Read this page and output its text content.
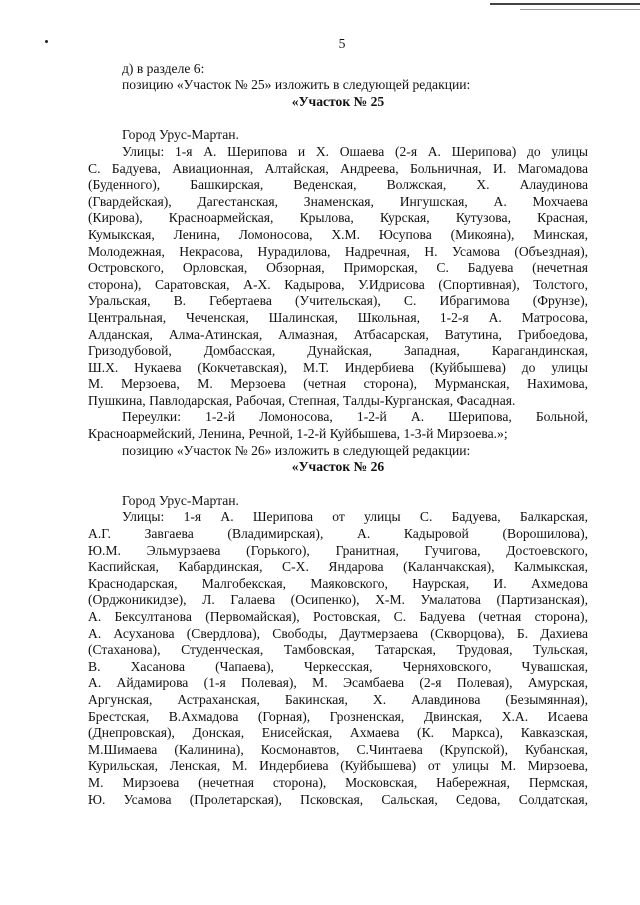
5

д) в разделе 6:

позицию «Участок № 25» изложить в следующей редакции:

«Участок № 25

Город Урус-Мартан.

Улицы: 1-я А. Шерипова и Х. Ошаева (2-я А. Шерипова) до улицы

С. Бадуева, Авиационная, Алтайская, Андреева, Больничная, И. Магомадова

(Буденного), Башкирская, Веденская, Волжская, Х. Алаудинова

(Гвардейская), Дагестанская, Знаменская, Ингушская, А. Мохчаева

(Кирова), Красноармейская, Крылова, Курская, Кутузова, Красная,

Кумыкская, Ленина, Ломоносова, Х.М. Юсупова (Микояна), Минская,

Молодежная, Некрасова, Нурадилова, Надречная, Н. Усамова (Объездная),

Островского, Орловская, Обзорная, Приморская, С. Бадуева (нечетная

сторона), Саратовская, А-Х. Кадырова, У.Идрисова (Спортивная), Толстого,

Уральская, В. Гебертаева (Учительская), С. Ибрагимова (Фрунзе),

Центральная, Чеченская, Шалинская, Школьная, 1-2-я А. Матросова,

Алданская, Алма-Атинская, Алмазная, Атбасарская, Ватутина, Грибоедова,

Гризодубовой, Домбасская, Дунайская, Западная, Карагандинская,

Ш.Х. Нукаева (Кокчетавская), М.Т. Индербиева (Куйбышева) до улицы

М. Мерзоева, М. Мерзоева (четная сторона), Мурманская, Нахимова,

Пушкина, Павлодарская, Рабочая, Степная, Талды-Курганская, Фасадная.

Переулки: 1-2-й Ломоносова, 1-2-й А. Шерипова, Больной,

Красноармейский, Ленина, Речной, 1-2-й Куйбышева, 1-3-й Мирзоева.»;

позицию «Участок № 26» изложить в следующей редакции:

«Участок № 26

Город Урус-Мартан.

Улицы: 1-я А. Шерипова от улицы С. Бадуева, Балкарская,

А.Г. Завгаева (Владимирская), А. Кадыровой (Ворошилова),

Ю.М. Эльмурзаева (Горького), Гранитная, Гучигова, Достоевского,

Каспийская, Кабардинская, С-Х. Яндарова (Каланчакская), Калмыкская,

Краснодарская, Малгобекская, Маяковского, Наурская, И. Ахмедова

(Орджоникидзе), Л. Галаева (Осипенко), Х-М. Умалатова (Партизанская),

А. Бексултанова (Первомайская), Ростовская, С. Бадуева (четная сторона),

А. Асуханова (Свердлова), Свободы, Даутмерзаева (Скворцова), Б. Дахиева

(Стаханова), Студенческая, Тамбовская, Татарская, Трудовая, Тульская,

В. Хасанова (Чапаева), Черкесская, Черняховского, Чувашская,

А. Айдамирова (1-я Полевая), М. Эсамбаева (2-я Полевая), Амурская,

Аргунская, Астраханская, Бакинская, Х. Алавдинова (Безымянная),

Брестская, В.Ахмадова (Горная), Грозненская, Двинская, Х.А. Исаева

(Днепровская), Донская, Енисейская, Ахмаева (К. Маркса), Кавказская,

М.Шимаева (Калинина), Космонавтов, С.Чинтаева (Крупской), Кубанская,

Курильская, Ленская, М. Индербиева (Куйбышева) от улицы М. Мирзоева,

М. Мирзоева (нечетная сторона), Московская, Набережная, Пермская,

Ю. Усамова (Пролетарская), Псковская, Сальская, Седова, Солдатская,
